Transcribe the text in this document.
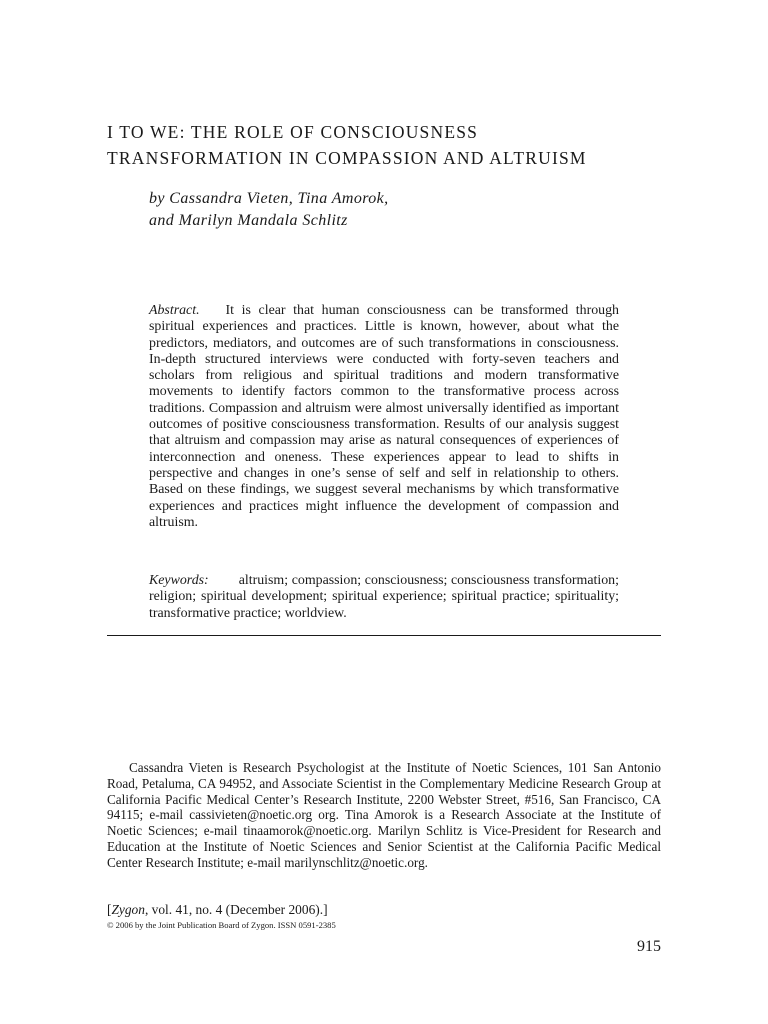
I TO WE: THE ROLE OF CONSCIOUSNESS
TRANSFORMATION IN COMPASSION AND ALTRUISM
by Cassandra Vieten, Tina Amorok,
and Marilyn Mandala Schlitz

Abstract. It is clear that human consciousness can be transformed through spiritual experiences and practices. Little is known, however, about what the predictors, mediators, and outcomes are of such transformations in consciousness. In-depth structured interviews were conducted with forty-seven teachers and scholars from religious and spiritual traditions and modern transformative movements to identify factors common to the transformative process across traditions. Compassion and altruism were almost universally identified as important outcomes of positive consciousness transformation. Results of our analysis suggest that altruism and compassion may arise as natural consequences of experiences of interconnection and oneness. These experiences appear to lead to shifts in perspective and changes in one’s sense of self and self in relationship to others. Based on these findings, we suggest several mechanisms by which transformative experiences and practices might influence the development of compassion and altruism.

Keywords: altruism; compassion; consciousness; consciousness transformation; religion; spiritual development; spiritual experience; spiritual practice; spirituality; transformative practice; worldview.

Cassandra Vieten is Research Psychologist at the Institute of Noetic Sciences, 101 San Antonio Road, Petaluma, CA 94952, and Associate Scientist in the Complementary Medicine Research Group at California Pacific Medical Center’s Research Institute, 2200 Webster Street, #516, San Francisco, CA 94115; e-mail cassivieten@noetic.org org. Tina Amorok is a Research Associate at the Institute of Noetic Sciences; e-mail tinaamorok@noetic.org. Marilyn Schlitz is Vice-President for Research and Education at the Institute of Noetic Sciences and Senior Scientist at the California Pacific Medical Center Research Institute; e-mail marilynschlitz@noetic.org.

[Zygon, vol. 41, no. 4 (December 2006).]
© 2006 by the Joint Publication Board of Zygon. ISSN 0591-2385
915
